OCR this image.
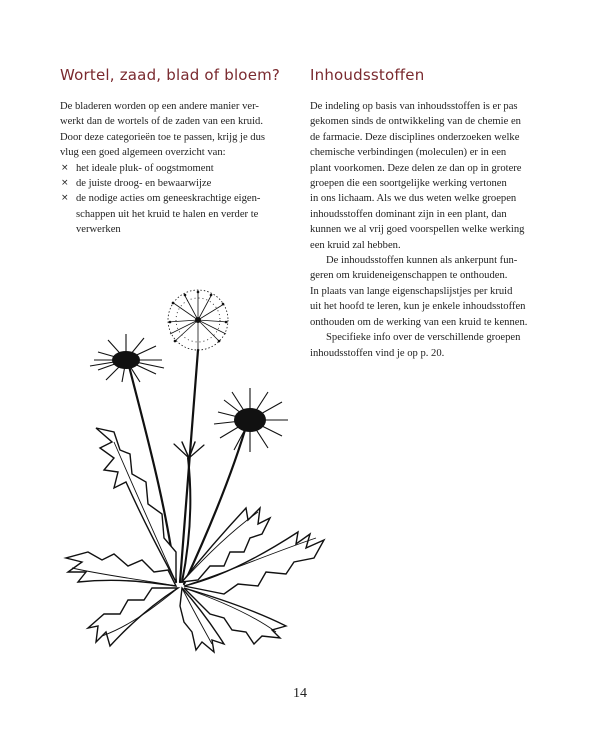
Wortel, zaad, blad of bloem? Inhoudsstoffen

De bladeren worden op een andere manier ver-
werkt dan de wortels of de zaden van een kruid.
Door deze categorieën toe te passen, krijg je dus
vlug een goed algemeen overzicht van:

× het ideale pluk- of oogstmoment
× de juiste droog- en bewaarwijze
× de nodige acties om geneeskrachtige eigen-
schappen uit het kruid te halen en verder te
verwerken

De indeling op basis van inhoudsstoffen is er pas
gekomen sinds de ontwikkeling van de chemie en
de farmacie. Deze disciplines onderzoeken welke
chemische verbindingen (moleculen) er in een
plant voorkomen. Deze delen ze dan op in grotere
groepen die een soortgelijke werking vertonen
in ons lichaam. Als we dus weten welke groepen
inhoudsstoffen dominant zijn in een plant, dan
kunnen we al vrij goed voorspellen welke werking
een kruid zal hebben.

De inhoudsstoffen kunnen als ankerpunt fun-
geren om kruideneigenschappen te onthouden.
In plaats van lange eigenschapslijstjes per kruid
uit het hoofd te leren, kun je enkele inhoudsstoffen
onthouden om de werking van een kruid te kennen.

Specifieke info over de verschillende groepen
inhoudsstoffen vind je op p. 20.

14
